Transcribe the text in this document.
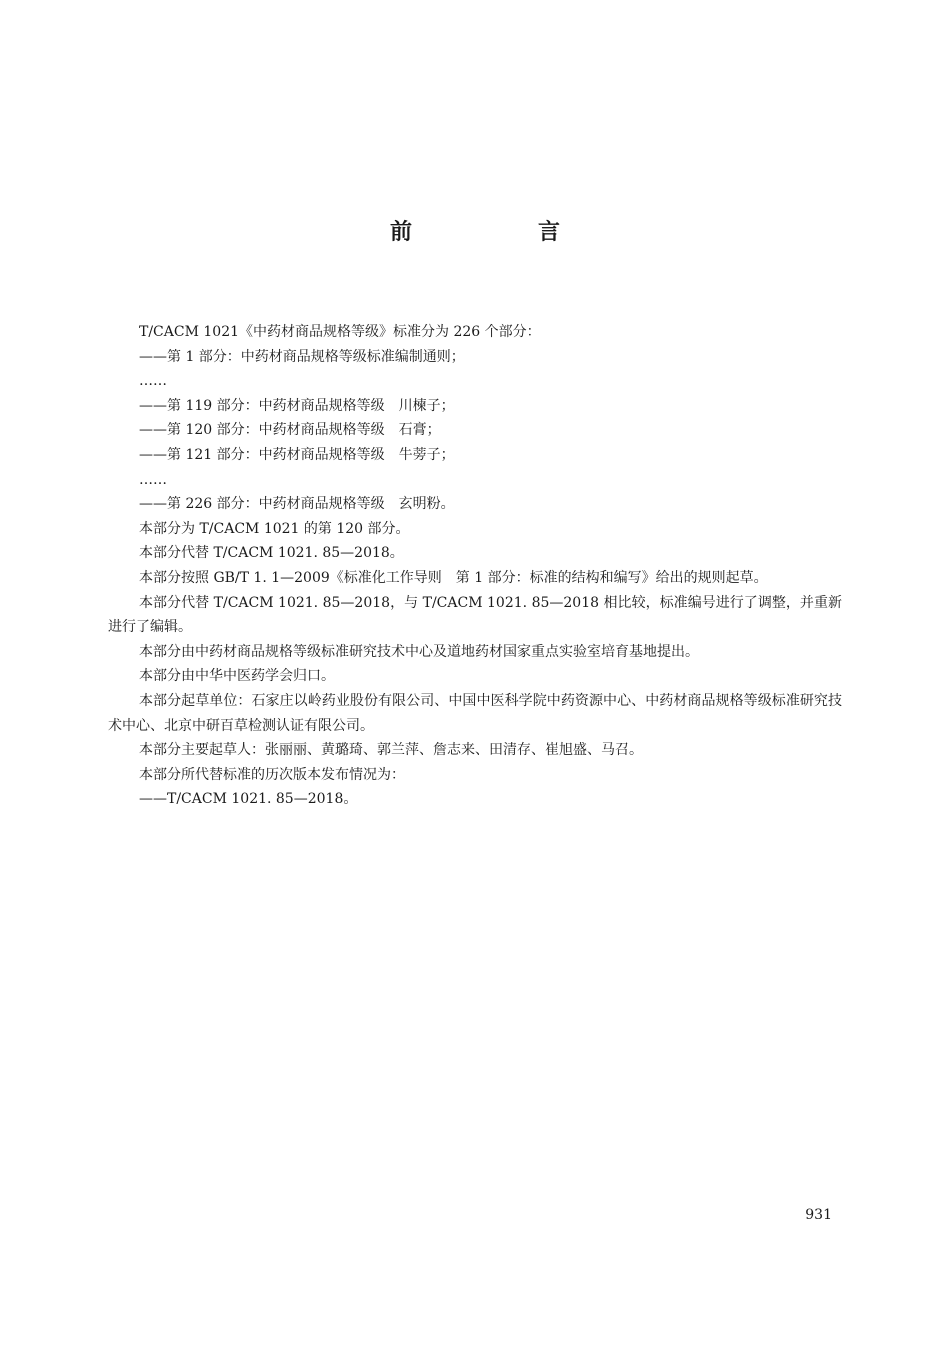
前　言

T/CACM 1021《中药材商品规格等级》标准分为 226 个部分：

——第 1 部分：中药材商品规格等级标准编制通则；

……

——第 119 部分：中药材商品规格等级　川楝子；

——第 120 部分：中药材商品规格等级　石膏；

——第 121 部分：中药材商品规格等级　牛蒡子；

……

——第 226 部分：中药材商品规格等级　玄明粉。

本部分为 T/CACM 1021 的第 120 部分。

本部分代替 T/CACM 1021. 85—2018。

本部分按照 GB/T 1. 1—2009《标准化工作导则　第 1 部分：标准的结构和编写》给出的规则起草。

本部分代替 T/CACM 1021. 85—2018，与 T/CACM 1021. 85—2018 相比较，标准编号进行了调整，并重新进行了编辑。

本部分由中药材商品规格等级标准研究技术中心及道地药材国家重点实验室培育基地提出。

本部分由中华中医药学会归口。

本部分起草单位：石家庄以岭药业股份有限公司、中国中医科学院中药资源中心、中药材商品规格等级标准研究技术中心、北京中研百草检测认证有限公司。

本部分主要起草人：张丽丽、黄璐琦、郭兰萍、詹志来、田清存、崔旭盛、马召。

本部分所代替标准的历次版本发布情况为：

——T/CACM 1021. 85—2018。

931
